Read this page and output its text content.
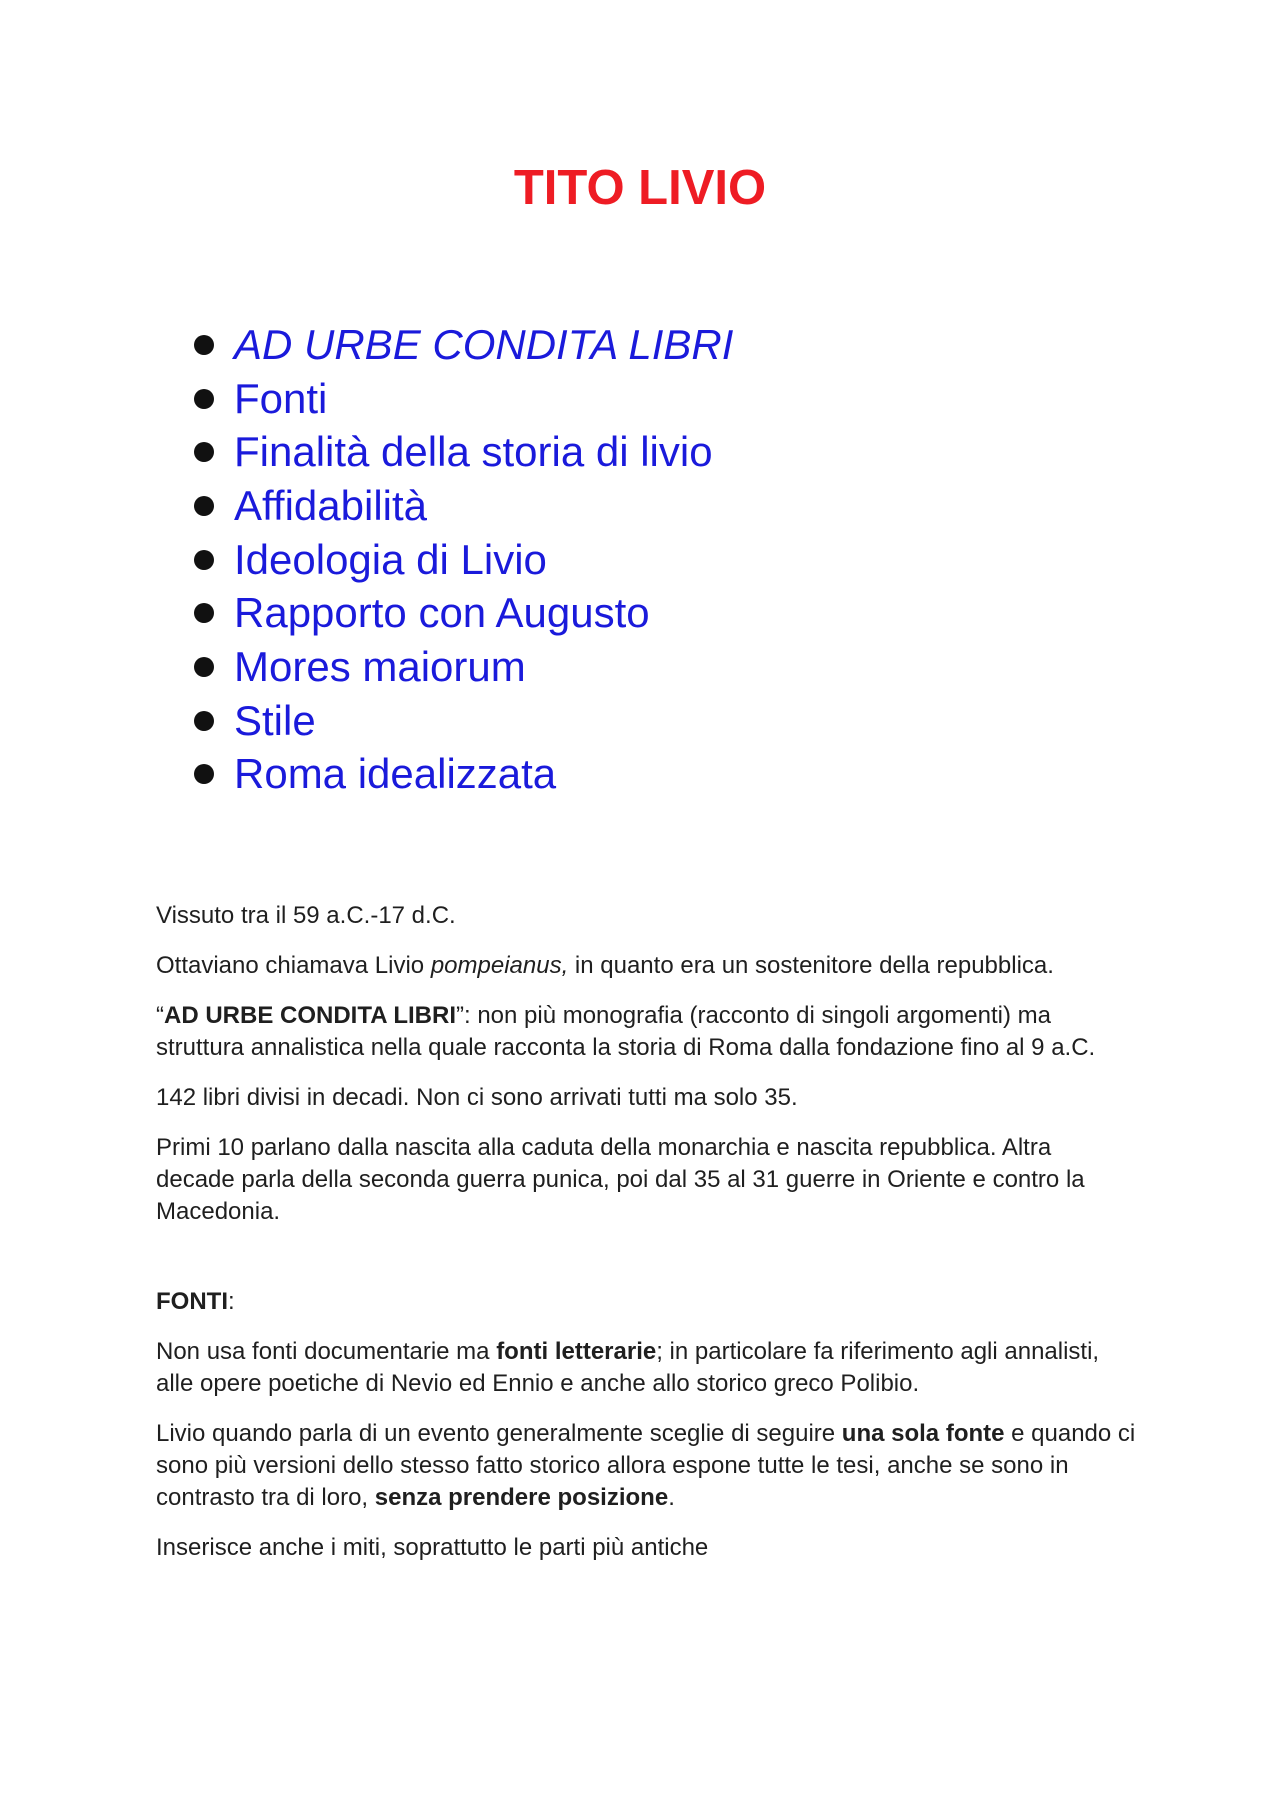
TITO LIVIO
AD URBE CONDITA LIBRI
Fonti
Finalità della storia di livio
Affidabilità
Ideologia di Livio
Rapporto con Augusto
Mores maiorum
Stile
Roma idealizzata

Vissuto tra il 59 a.C.-17 d.C.

Ottaviano chiamava Livio pompeianus, in quanto era un sostenitore della repubblica.

“AD URBE CONDITA LIBRI”: non più monografia (racconto di singoli argomenti) ma struttura annalistica nella quale racconta la storia di Roma dalla fondazione fino al 9 a.C.

142 libri divisi in decadi. Non ci sono arrivati tutti ma solo 35.

Primi 10 parlano dalla nascita alla caduta della monarchia e nascita repubblica. Altra decade parla della seconda guerra punica, poi dal 35 al 31 guerre in Oriente e contro la Macedonia.

FONTI:

Non usa fonti documentarie ma fonti letterarie; in particolare fa riferimento agli annalisti, alle opere poetiche di Nevio ed Ennio e anche allo storico greco Polibio.

Livio quando parla di un evento generalmente sceglie di seguire una sola fonte e quando ci sono più versioni dello stesso fatto storico allora espone tutte le tesi, anche se sono in contrasto tra di loro, senza prendere posizione.

Inserisce anche i miti, soprattutto le parti più antiche
